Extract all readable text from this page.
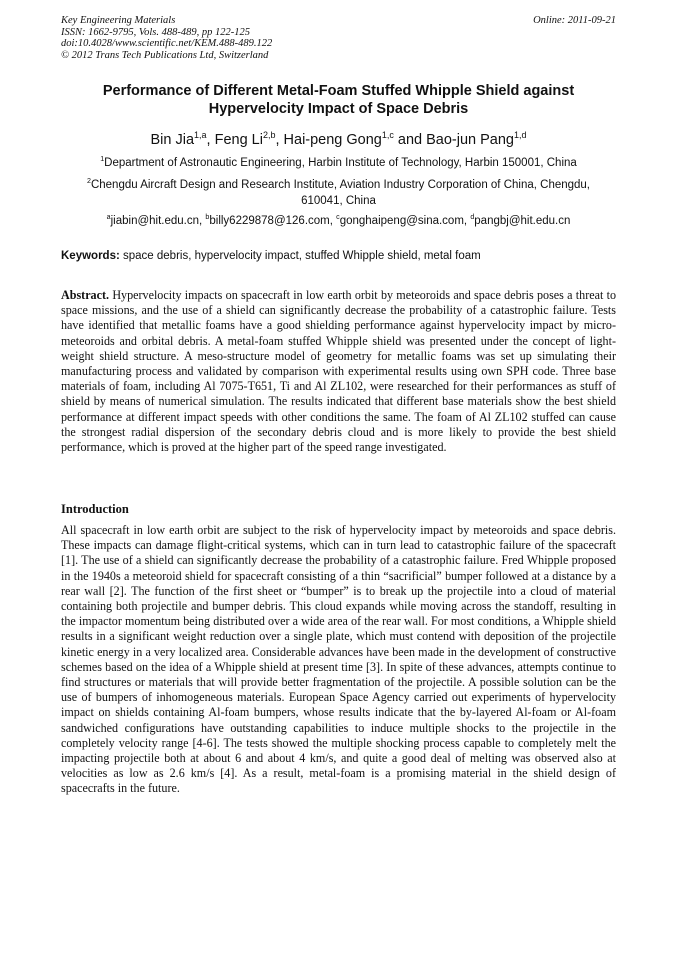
Key Engineering Materials
ISSN: 1662-9795, Vols. 488-489, pp 122-125
doi:10.4028/www.scientific.net/KEM.488-489.122
© 2012 Trans Tech Publications Ltd, Switzerland
Online: 2011-09-21
Performance of Different Metal-Foam Stuffed Whipple Shield against
Hypervelocity Impact of Space Debris
Bin Jia$^{1,a}$, Feng Li$^{2,b}$, Hai-peng Gong$^{1,c}$ and Bao-jun Pang$^{1,d}$
$^1$Department of Astronautic Engineering, Harbin Institute of Technology, Harbin 150001, China
$^2$Chengdu Aircraft Design and Research Institute, Aviation Industry Corporation of China, Chengdu,
610041, China
$^a$jiabin@hit.edu.cn, $^b$billy6229878@126.com, $^c$gonghaipeng@sina.com, $^d$pangbj@hit.edu.cn
Keywords: space debris, hypervelocity impact, stuffed Whipple shield, metal foam
Abstract. Hypervelocity impacts on spacecraft in low earth orbit by meteoroids and space debris poses a threat to space missions, and the use of a shield can significantly decrease the probability of a catastrophic failure. Tests have identified that metallic foams have a good shielding performance against hypervelocity impact by micro-meteoroids and orbital debris. A metal-foam stuffed Whipple shield was presented under the concept of light-weight shield structure. A meso-structure model of geometry for metallic foams was set up simulating their manufacturing process and validated by comparison with experimental results using own SPH code. Three base materials of foam, including Al 7075-T651, Ti and Al ZL102, were researched for their performances as stuff of shield by means of numerical simulation. The results indicated that different base materials show the best shield performance at different impact speeds with other conditions the same. The foam of Al ZL102 stuffed can cause the strongest radial dispersion of the secondary debris cloud and is more likely to provide the best shield performance, which is proved at the higher part of the speed range investigated.
Introduction
All spacecraft in low earth orbit are subject to the risk of hypervelocity impact by meteoroids and space debris. These impacts can damage flight-critical systems, which can in turn lead to catastrophic failure of the spacecraft [1]. The use of a shield can significantly decrease the probability of a catastrophic failure. Fred Whipple proposed in the 1940s a meteoroid shield for spacecraft consisting of a thin “sacrificial” bumper followed at a distance by a rear wall [2]. The function of the first sheet or “bumper” is to break up the projectile into a cloud of material containing both projectile and bumper debris. This cloud expands while moving across the standoff, resulting in the impactor momentum being distributed over a wide area of the rear wall. For most conditions, a Whipple shield results in a significant weight reduction over a single plate, which must contend with deposition of the projectile kinetic energy in a very localized area. Considerable advances have been made in the development of constructive schemes based on the idea of a Whipple shield at present time [3]. In spite of these advances, attempts continue to find structures or materials that will provide better fragmentation of the projectile. A possible solution can be the use of bumpers of inhomogeneous materials. European Space Agency carried out experiments of hypervelocity impact on shields containing Al-foam bumpers, whose results indicate that the by-layered Al-foam or Al-foam sandwiched configurations have outstanding capabilities to induce multiple shocks to the projectile in the completely velocity range [4-6]. The tests showed the multiple shocking process capable to completely melt the impacting projectile both at about 6 and about 4 km/s, and quite a good deal of melting was observed also at velocities as low as 2.6 km/s [4]. As a result, metal-foam is a promising material in the shield design of spacecrafts in the future.
